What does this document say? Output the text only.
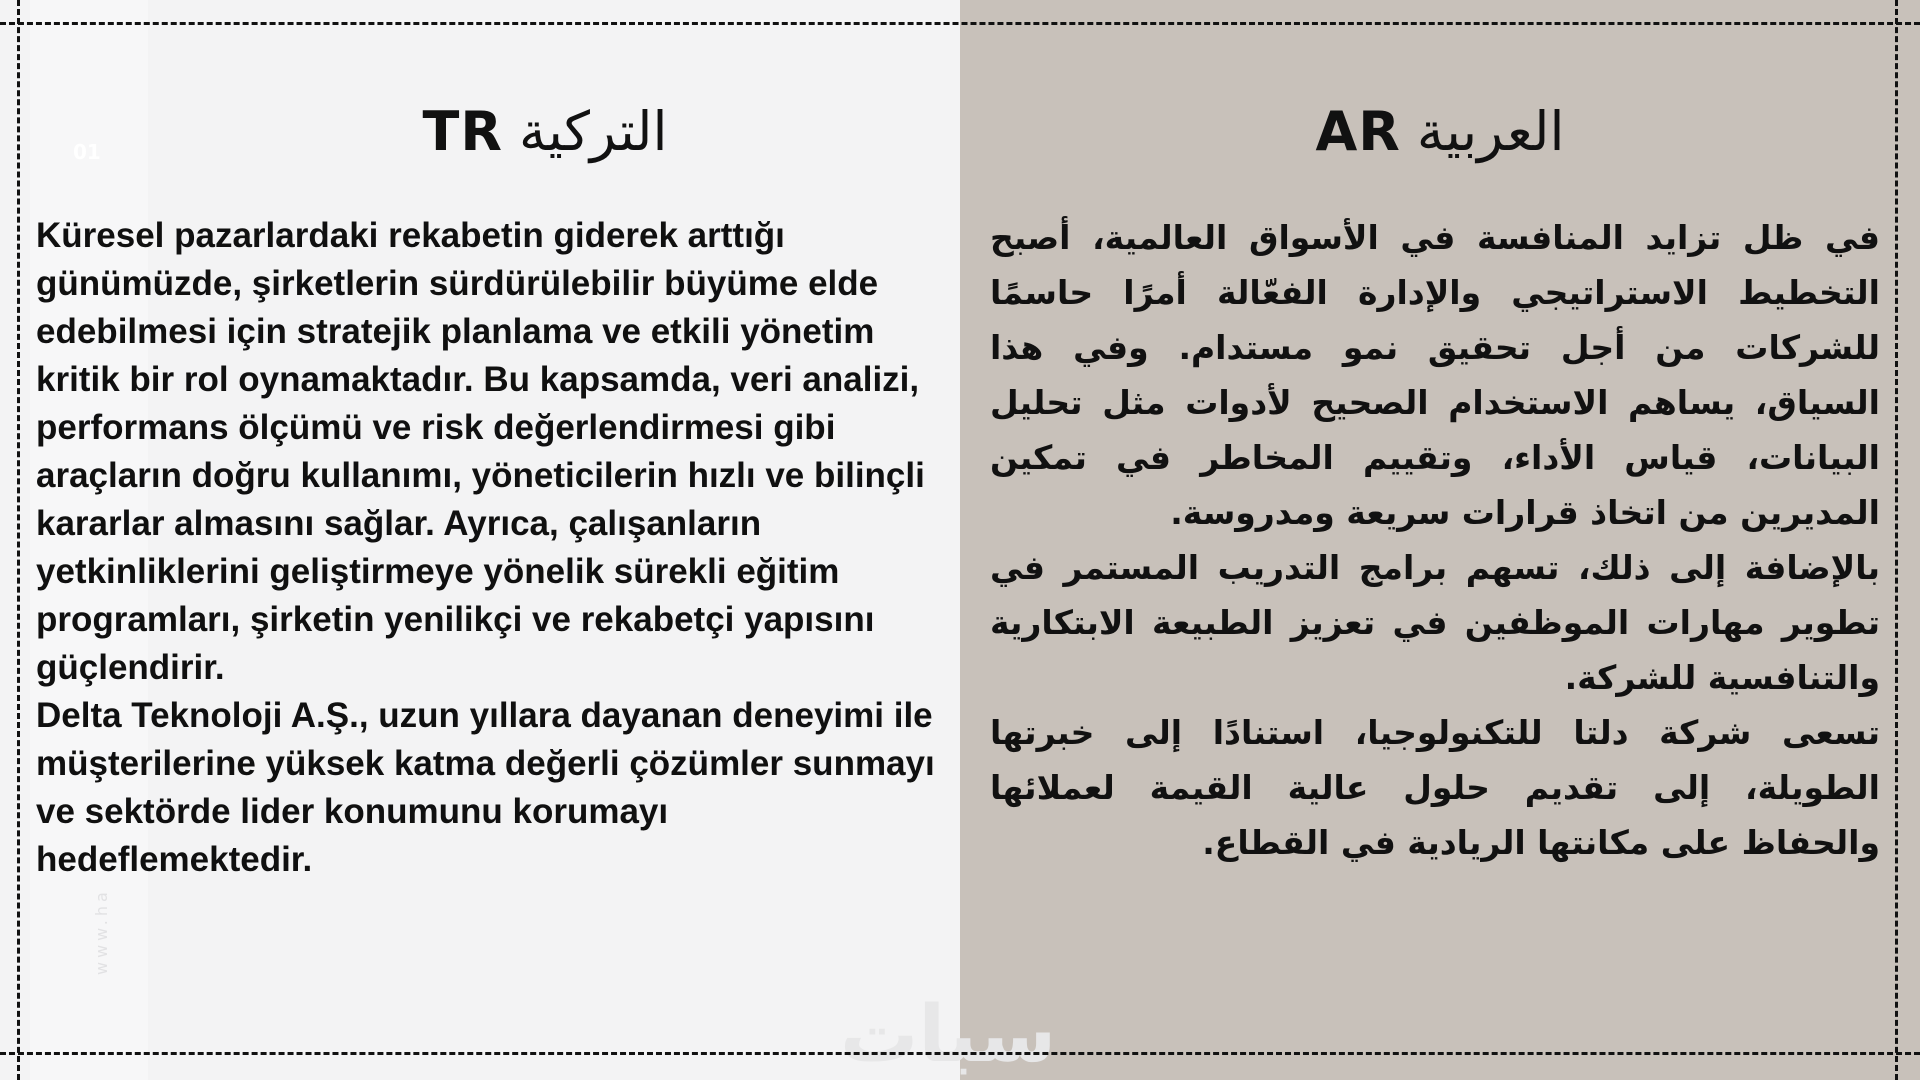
01
www.ha
سبات
TR التركية	AR العربية

Küresel pazarlardaki rekabetin giderek arttığı günümüzde, şirketlerin sürdürülebilir büyüme elde edebilmesi için stratejik planlama ve etkili yönetim kritik bir rol oynamaktadır. Bu kapsamda, veri analizi, performans ölçümü ve risk değerlendirmesi gibi araçların doğru kullanımı, yöneticilerin hızlı ve bilinçli kararlar almasını sağlar. Ayrıca, çalışanların yetkinliklerini geliştirmeye yönelik sürekli eğitim programları, şirketin yenilikçi ve rekabetçi yapısını güçlendirir.

Delta Teknoloji A.Ş., uzun yıllara dayanan deneyimi ile müşterilerine yüksek katma değerli çözümler sunmayı ve sektörde lider konumunu korumayı hedeflemektedir.

في ظل تزايد المنافسة في الأسواق العالمية، أصبح التخطيط الاستراتيجي والإدارة الفعّالة أمرًا حاسمًا للشركات من أجل تحقيق نمو مستدام. وفي هذا السياق، يساهم الاستخدام الصحيح لأدوات مثل تحليل البيانات، قياس الأداء، وتقييم المخاطر في تمكين المديرين من اتخاذ قرارات سريعة ومدروسة.

بالإضافة إلى ذلك، تسهم برامج التدريب المستمر في تطوير مهارات الموظفين في تعزيز الطبيعة الابتكارية والتنافسية للشركة.

تسعى شركة دلتا للتكنولوجيا، استنادًا إلى خبرتها الطويلة، إلى تقديم حلول عالية القيمة لعملائها والحفاظ على مكانتها الريادية في القطاع.
